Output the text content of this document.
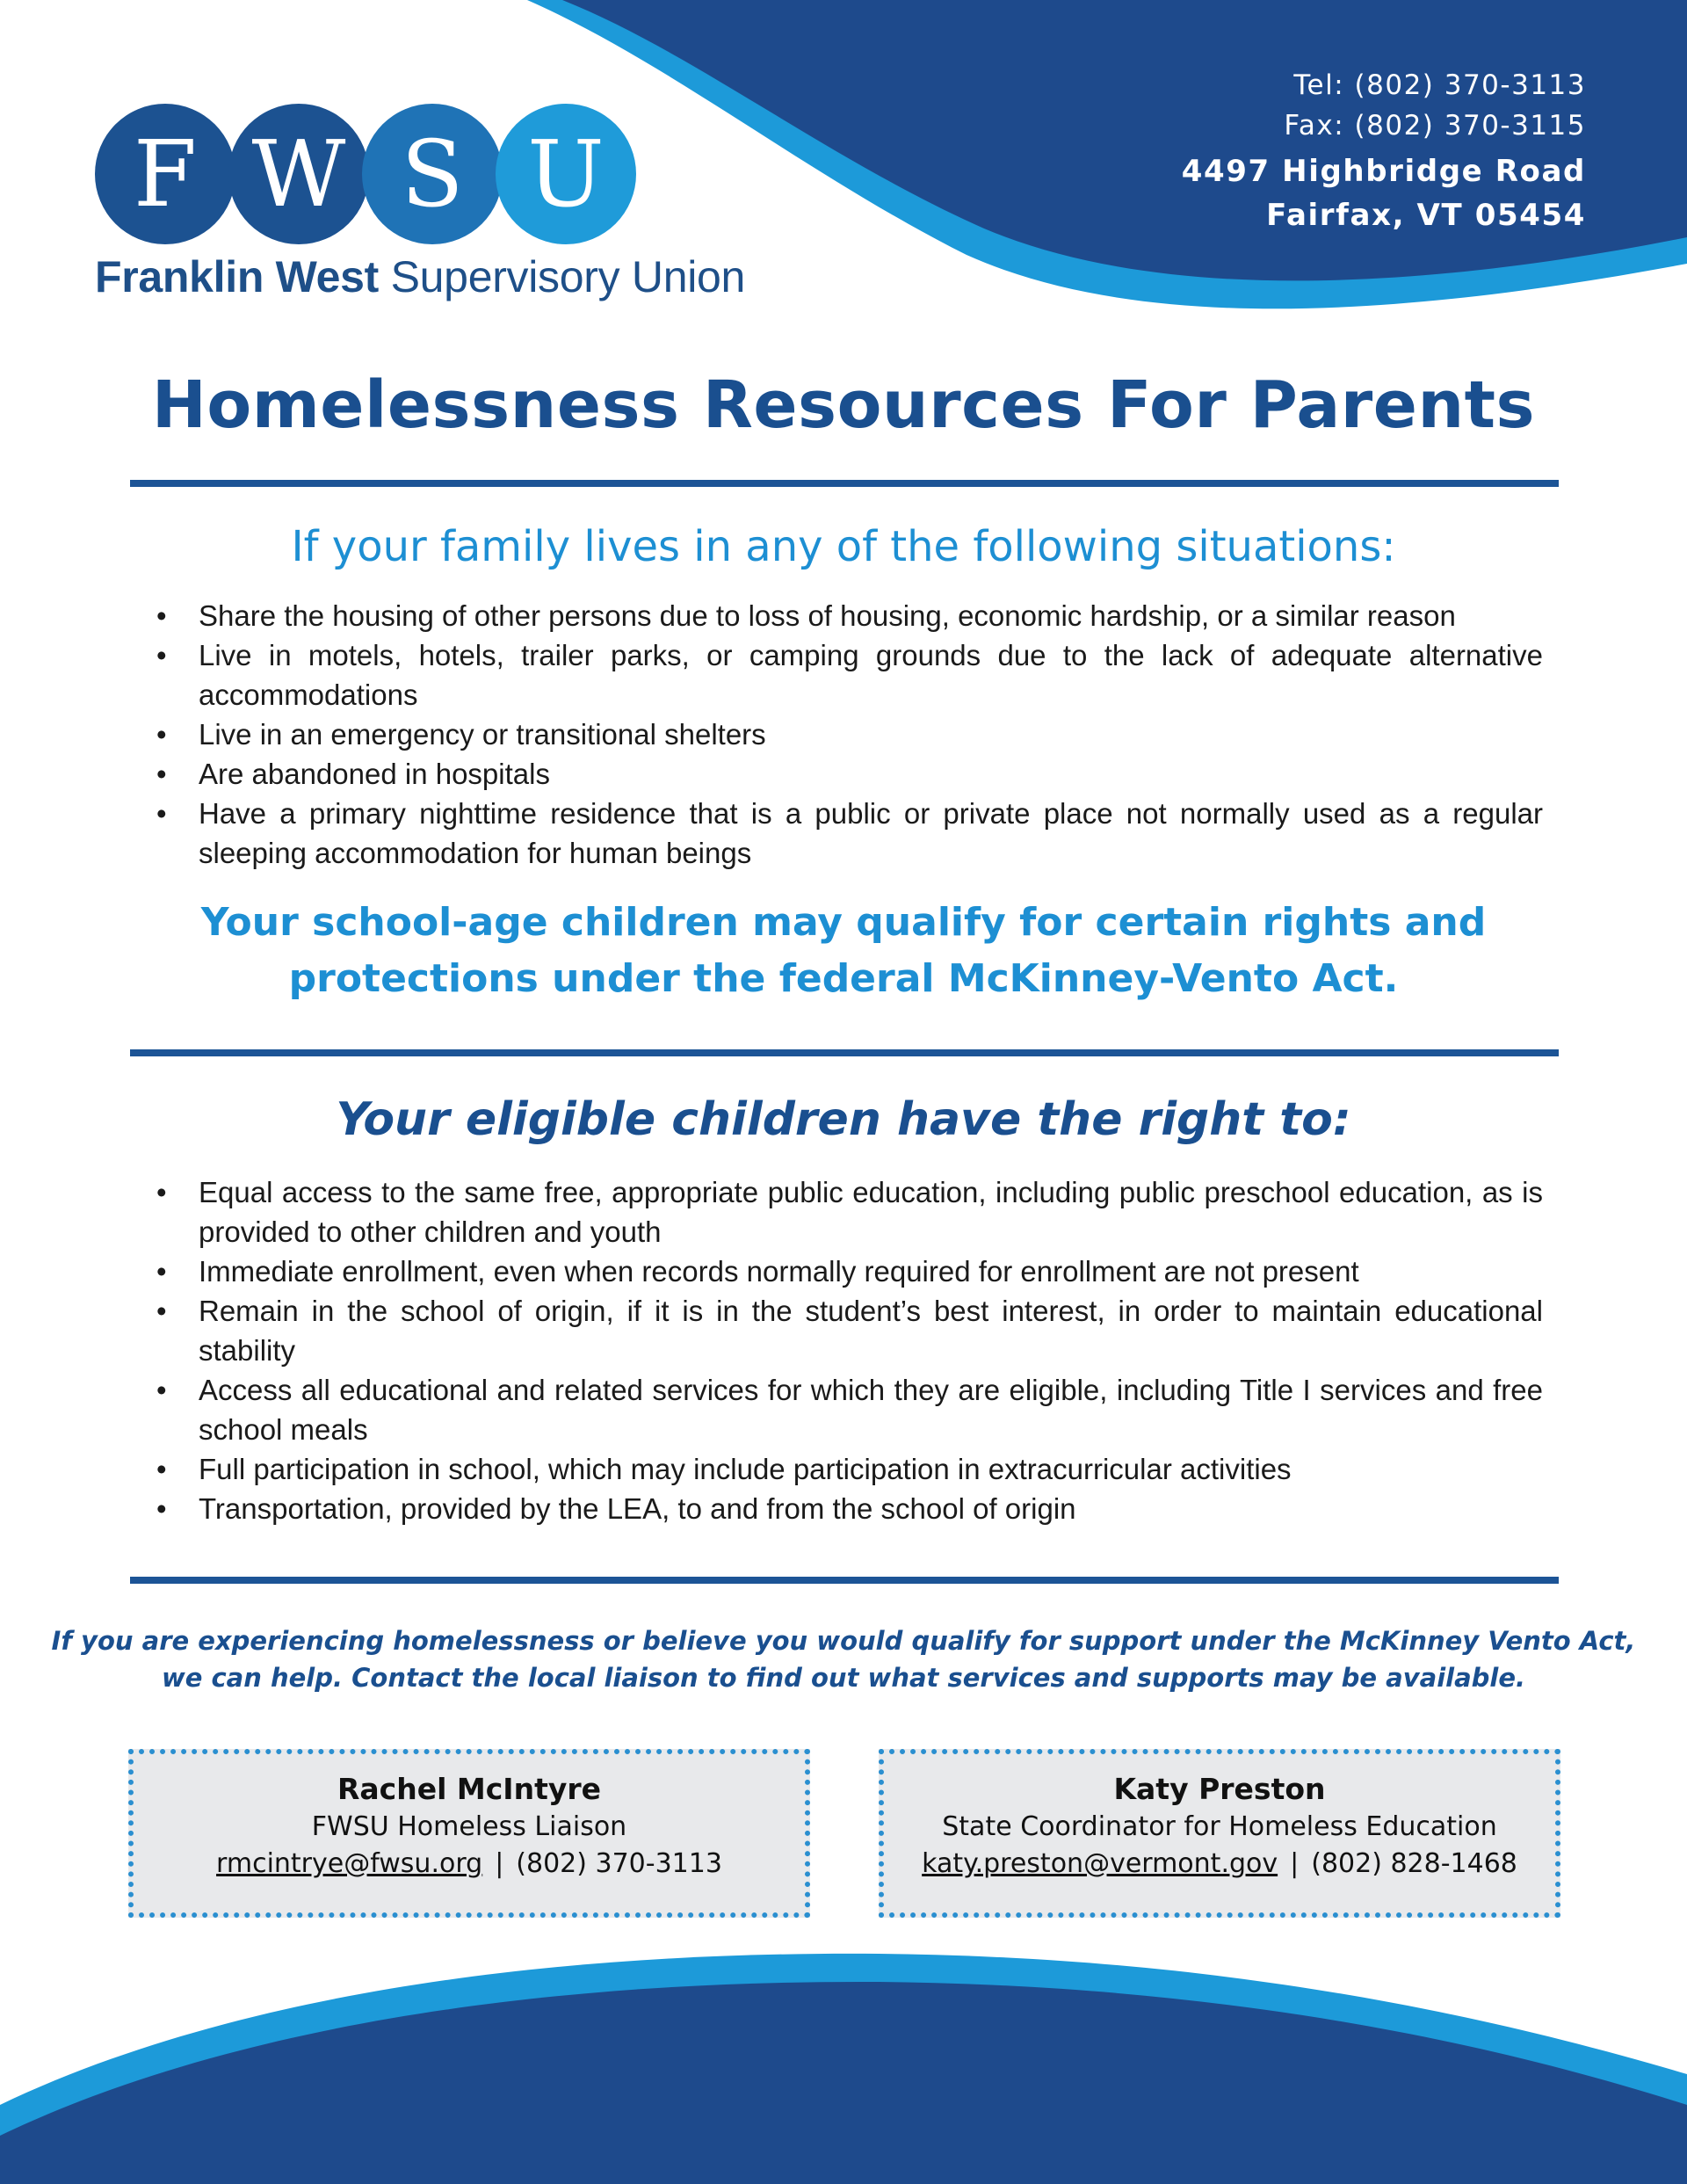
F W S U
Franklin West Supervisory Union
Tel: (802) 370-3113
Fax: (802) 370-3115
4497 Highbridge Road
Fairfax, VT 05454
Homelessness Resources For Parents
If your family lives in any of the following situations:
• Share the housing of other persons due to loss of housing, economic hardship, or a similar reason
• Live in motels, hotels, trailer parks, or camping grounds due to the lack of adequate alternative accommodations
• Live in an emergency or transitional shelters
• Are abandoned in hospitals
• Have a primary nighttime residence that is a public or private place not normally used as a regular sleeping accommodation for human beings
Your school-age children may qualify for certain rights and
protections under the federal McKinney-Vento Act.
Your eligible children have the right to:
• Equal access to the same free, appropriate public education, including public preschool education, as is provided to other children and youth
• Immediate enrollment, even when records normally required for enrollment are not present
• Remain in the school of origin, if it is in the student’s best interest, in order to maintain educational stability
• Access all educational and related services for which they are eligible, including Title I services and free school meals
• Full participation in school, which may include participation in extracurricular activities
• Transportation, provided by the LEA, to and from the school of origin
If you are experiencing homelessness or believe you would qualify for support under the McKinney Vento Act,
we can help. Contact the local liaison to find out what services and supports may be available.
Rachel McIntyre
FWSU Homeless Liaison
rmcintrye@fwsu.org | (802) 370-3113
Katy Preston
State Coordinator for Homeless Education
katy.preston@vermont.gov | (802) 828-1468
